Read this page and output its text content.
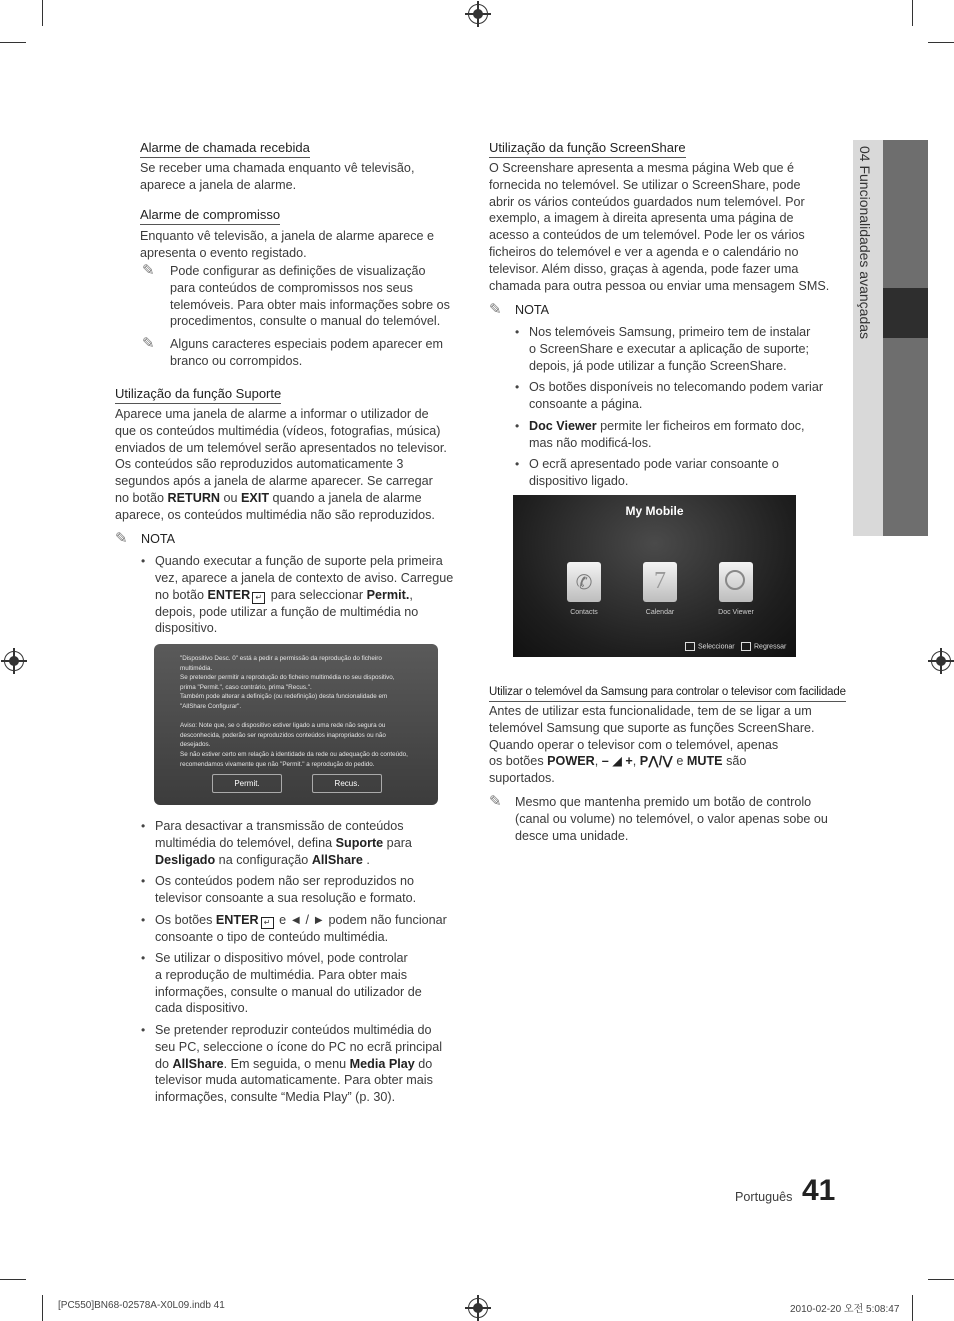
04 Funcionalidades avançadas
Alarme de chamada recebida
Se receber uma chamada enquanto vê televisão,
aparece a janela de alarme.
Alarme de compromisso
Enquanto vê televisão, a janela de alarme aparece e
apresenta o evento registado.
✎	Pode configurar as definições de visualização
para conteúdos de compromissos nos seus
telemóveis. Para obter mais informações sobre os
procedimentos, consulte o manual do telemóvel.
✎	Alguns caracteres especiais podem aparecer em
branco ou corrompidos.
Utilização da função Suporte
Aparece uma janela de alarme a informar o utilizador de
que os conteúdos multimédia (vídeos, fotografias, música)
enviados de um telemóvel serão apresentados no televisor.
Os conteúdos são reproduzidos automaticamente 3
segundos após a janela de alarme aparecer. Se carregar
no botão RETURN ou EXIT quando a janela de alarme
aparece, os conteúdos multimédia não são reproduzidos.
✎	NOTA
• Quando executar a função de suporte pela primeira
vez, aparece a janela de contexto de aviso. Carregue
no botão ENTER ↵ para seleccionar Permit.,
depois, pode utilizar a função de multimédia no
dispositivo.
"Dispositivo Desc. 0" está a pedir a permissão da reprodução do ficheiro
multimédia.
Se pretender permitir a reprodução do ficheiro multimédia no seu dispositivo,
prima "Permit.", caso contrário, prima "Recus.".
Também pode alterar a definição (ou redefinição) desta funcionalidade em
"AllShare Configurar".
Aviso: Note que, se o dispositivo estiver ligado a uma rede não segura ou
desconhecida, poderão ser reproduzidos conteúdos inapropriados ou não
desejados.
Se não estiver certo em relação à identidade da rede ou adequação do conteúdo,
recomendamos vivamente que não "Permit." a reprodução do pedido.
Permit.	Recus.
• Para desactivar a transmissão de conteúdos
multimédia do telemóvel, defina Suporte para
Desligado na configuração AllShare .
• Os conteúdos podem não ser reproduzidos no
televisor consoante a sua resolução e formato.
• Os botões ENTER ↵ e ◄ / ► podem não funcionar
consoante o tipo de conteúdo multimédia.
• Se utilizar o dispositivo móvel, pode controlar
a reprodução de multimédia. Para obter mais
informações, consulte o manual do utilizador de
cada dispositivo.
• Se pretender reproduzir conteúdos multimédia do
seu PC, seleccione o ícone do PC no ecrã principal
do AllShare. Em seguida, o menu Media Play do
televisor muda automaticamente. Para obter mais
informações, consulte “Media Play” (p. 30).
Utilização da função ScreenShare
O Screenshare apresenta a mesma página Web que é
fornecida no telemóvel. Se utilizar o ScreenShare, pode
abrir os vários conteúdos guardados num telemóvel. Por
exemplo, a imagem à direita apresenta uma página de
acesso a conteúdos de um telemóvel. Pode ler os vários
ficheiros do telemóvel e ver a agenda e o calendário no
televisor. Além disso, graças à agenda, pode fazer uma
chamada para outra pessoa ou enviar uma mensagem SMS.
✎	NOTA
• Nos telemóveis Samsung, primeiro tem de instalar
o ScreenShare e executar a aplicação de suporte;
depois, já pode utilizar a função ScreenShare.
• Os botões disponíveis no telecomando podem variar
consoante a página.
• Doc Viewer permite ler ficheiros em formato doc,
mas não modificá-los.
• O ecrã apresentado pode variar consoante o
dispositivo ligado.
My Mobile
✆	7
Contacts	Calendar	Doc Viewer
Seleccionar	Regressar
Utilizar o telemóvel da Samsung para controlar o televisor com facilidade
Antes de utilizar esta funcionalidade, tem de se ligar a um
telemóvel Samsung que suporte as funções ScreenShare.
Quando operar o televisor com o telemóvel, apenas
os botões POWER, – ◢ +, P⋀/⋁ e MUTE são
suportados.
✎	Mesmo que mantenha premido um botão de controlo
(canal ou volume) no telemóvel, o valor apenas sobe ou
desce uma unidade.
Português 41
[PC550]BN68-02578A-X0L09.indb 41	2010-02-20 오전 5:08:47
